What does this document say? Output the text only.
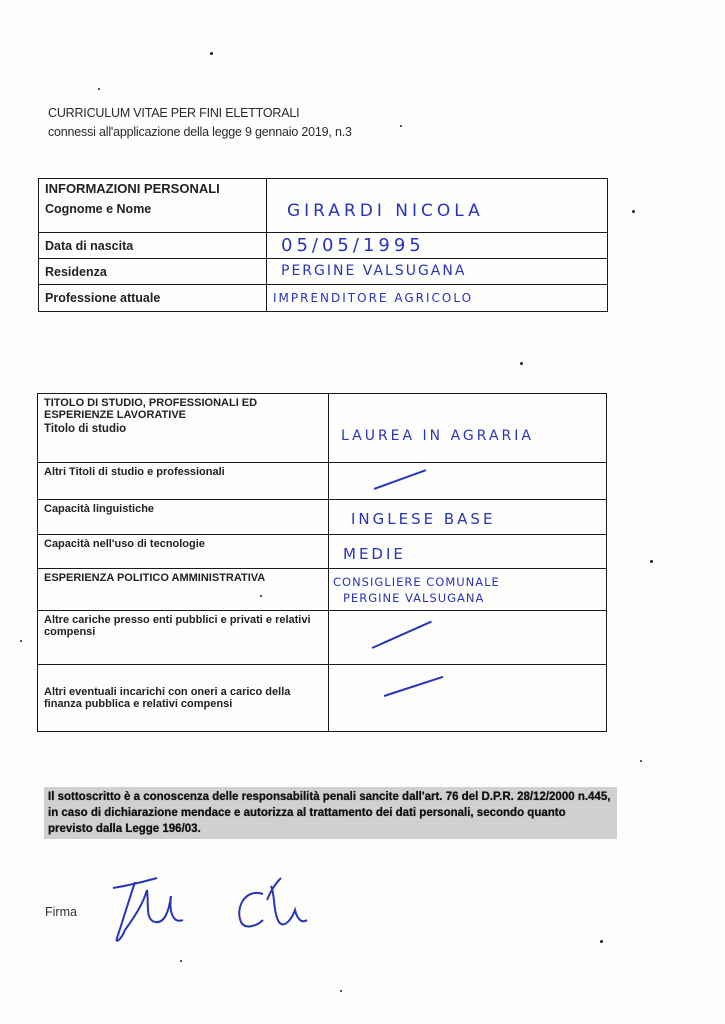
CURRICULUM VITAE PER FINI ELETTORALI
connessi all'applicazione della legge 9 gennaio 2019, n.3
INFORMAZIONI PERSONALI
Cognome e Nome	GIRARDI NICOLA

Data di nascita	05/05/1995

Residenza	PERGINE VALSUGANA

Professione attuale	IMPRENDITORE AGRICOLO
TITOLO DI STUDIO, PROFESSIONALI ED
ESPERIENZE LAVORATIVE
Titolo di studio	LAUREA IN AGRARIA

Altri Titoli di studio e professionali	

Capacità linguistiche	INGLESE BASE

Capacità nell'uso di tecnologie	MEDIE

ESPERIENZA POLITICO AMMINISTRATIVA	CONSIGLIERE COMUNALE
PERGINE VALSUGANA

Altre cariche presso enti pubblici e privati e relativi compensi	

Altri eventuali incarichi con oneri a carico della finanza pubblica e relativi compensi	
Il sottoscritto è a conoscenza delle responsabilità penali sancite dall'art. 76 del D.P.R. 28/12/2000 n.445, in caso di dichiarazione mendace e autorizza al trattamento dei dati personali, secondo quanto previsto dalla Legge 196/03.
Firma
